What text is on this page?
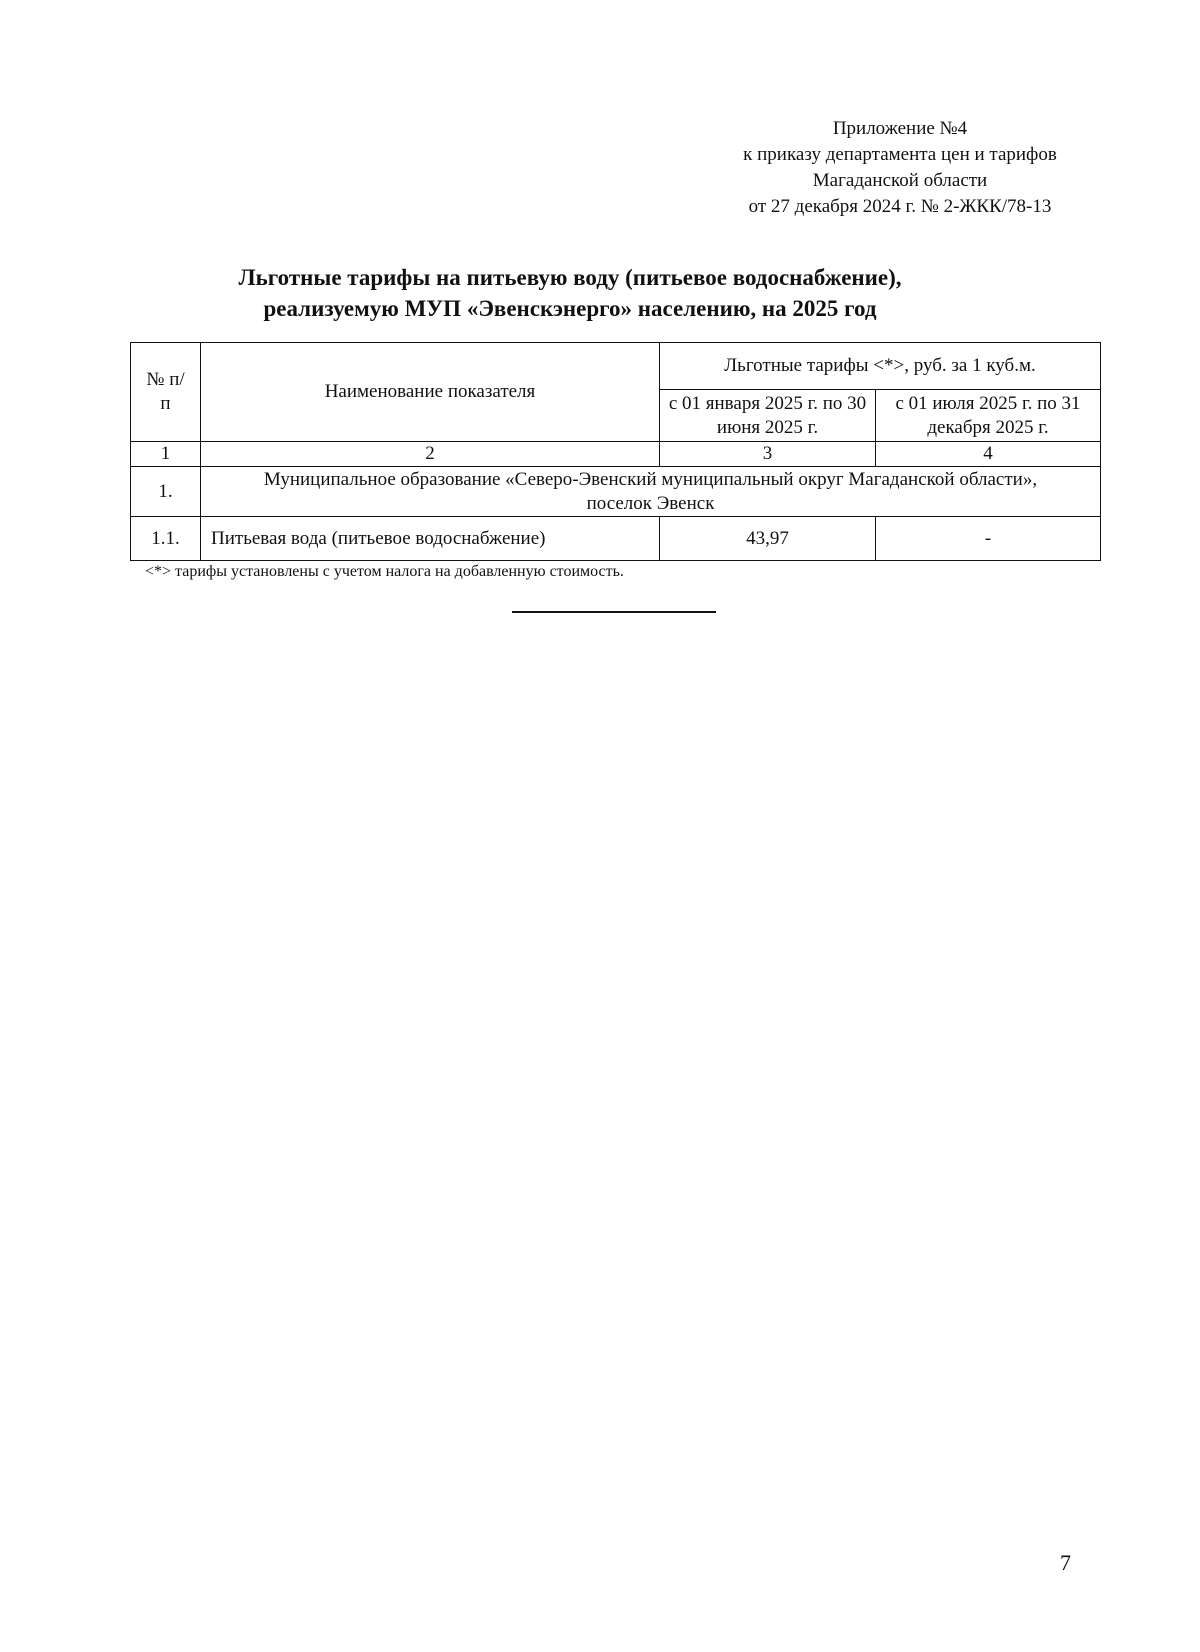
Приложение №4
к приказу департамента цен и тарифов
Магаданской области
от 27 декабря 2024 г. № 2-ЖКК/78-13
Льготные тарифы на питьевую воду (питьевое водоснабжение),
реализуемую МУП «Эвенскэнерго» населению, на 2025 год
№ п/п	Наименование показателя	Льготные тарифы <*>, руб. за 1 куб.м.	
		с 01 января 2025 г. по 30 июня 2025 г.	с 01 июля 2025 г. по 31 декабря 2025 г.
1	2	3	4
1.	Муниципальное образование «Северо-Эвенский муниципальный округ Магаданской области», поселок Эвенск		
1.1.	Питьевая вода (питьевое водоснабжение)	43,97	-
<*> тарифы установлены с учетом налога на добавленную стоимость.
7
